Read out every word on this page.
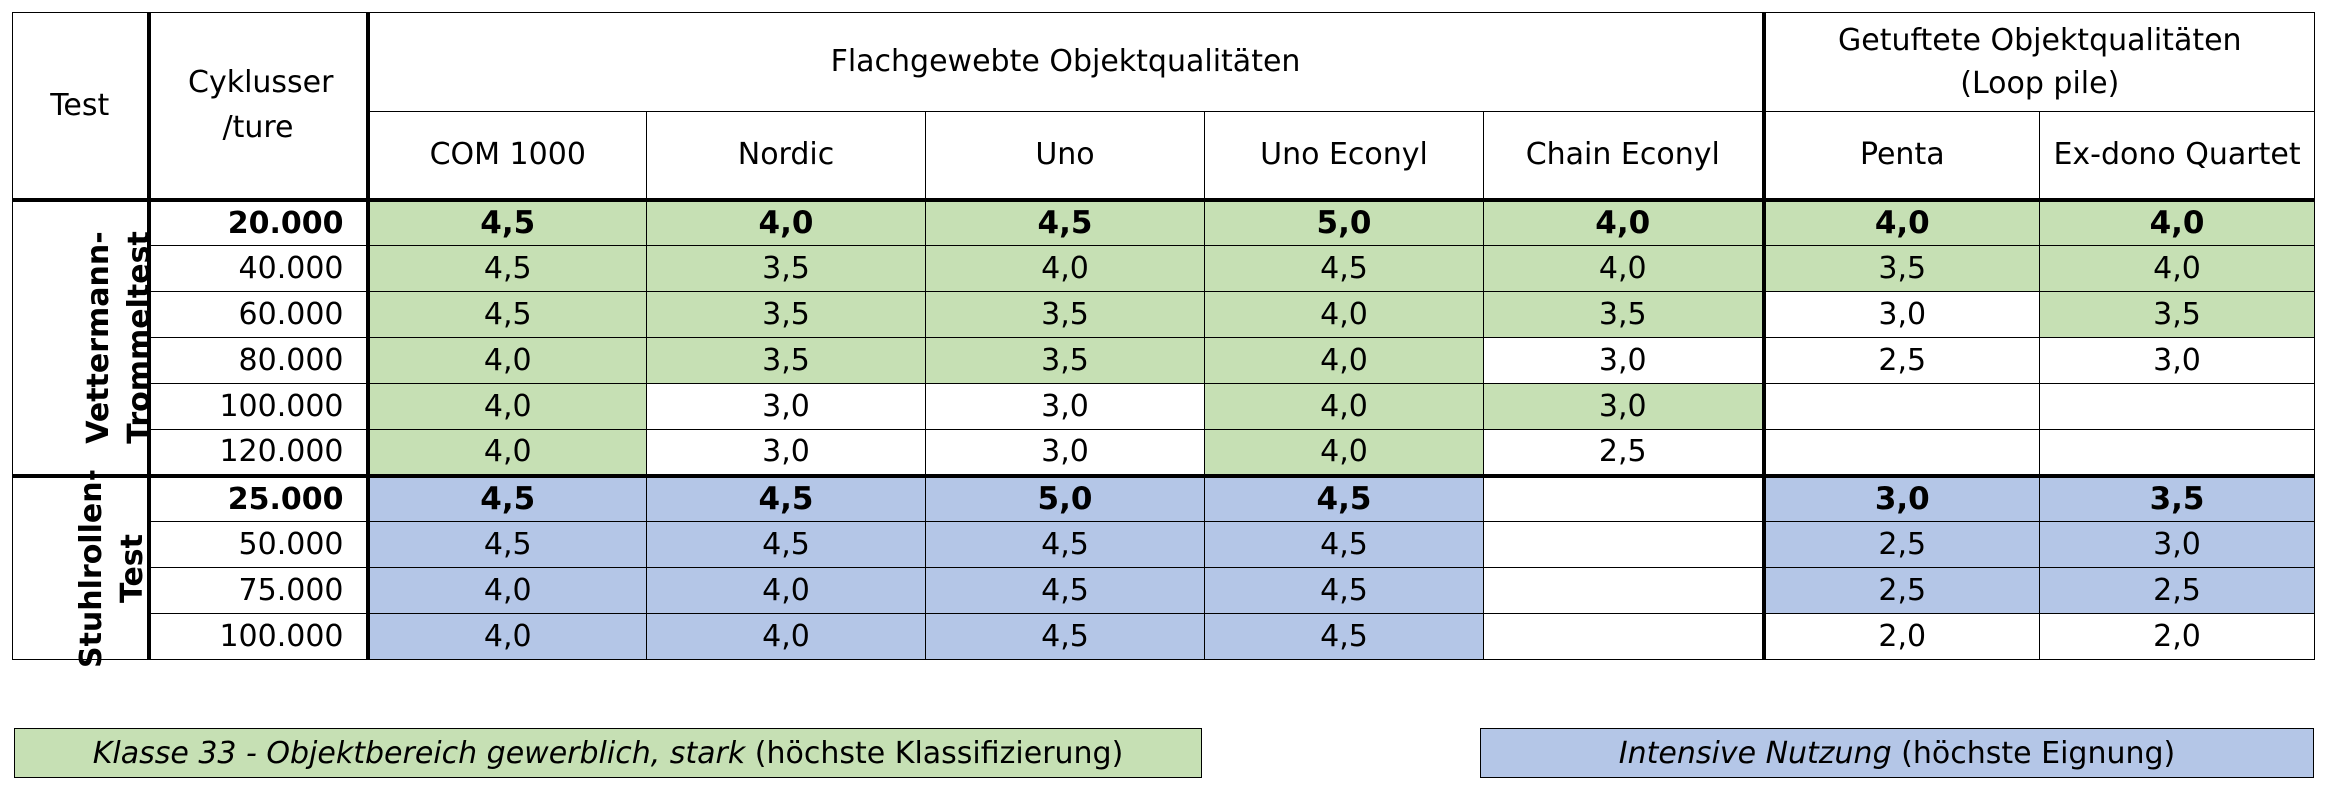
Test	Cyklusser /ture	Flachgewebte Objektqualitäten					Getuftete Objektqualitäten
(Loop pile)	

		COM 1000	Nordic	Uno	Uno Econyl	Chain Econyl	Penta	Ex-dono Quartet

Vettermann- Trommeltest	20.000	4,5	4,0	4,5	5,0	4,0	4,0	4,0
	40.000	4,5	3,5	4,0	4,5	4,0	3,5	4,0
	60.000	4,5	3,5	3,5	4,0	3,5	3,0	3,5
	80.000	4,0	3,5	3,5	4,0	3,0	2,5	3,0
	100.000	4,0	3,0	3,0	4,0	3,0		
	120.000	4,0	3,0	3,0	4,0	2,5		

Stuhlrollen- Test	25.000	4,5	4,5	5,0	4,5		3,0	3,5
	50.000	4,5	4,5	4,5	4,5		2,5	3,0
	75.000	4,0	4,0	4,5	4,5		2,5	2,5
	100.000	4,0	4,0	4,5	4,5		2,0	2,0
Klasse 33 - Objektbereich gewerblich, stark (höchste Klassifizierung)	Intensive Nutzung (höchste Eignung)
